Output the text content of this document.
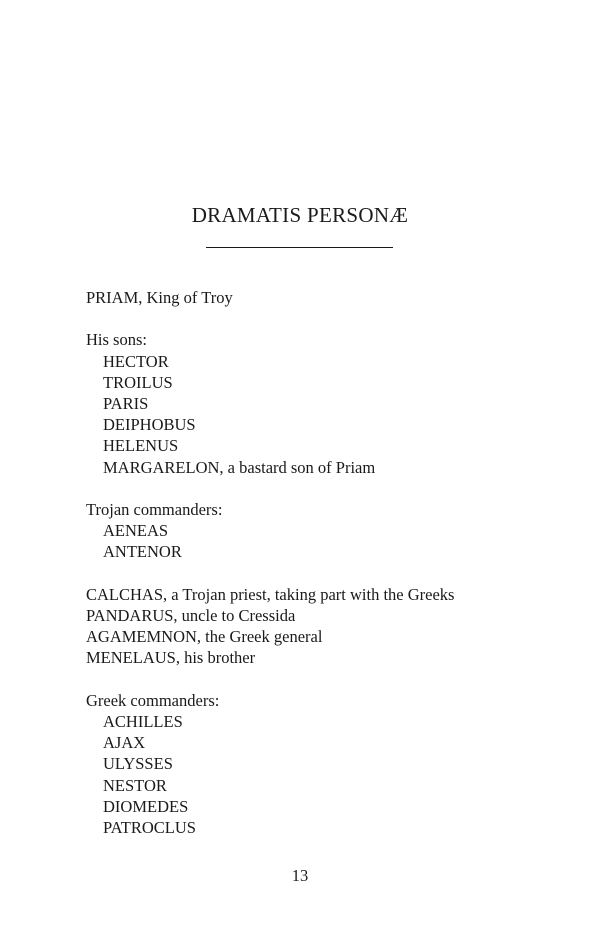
DRAMATIS PERSONÆ
PRIAM, King of Troy
His sons:
HECTOR
TROILUS
PARIS
DEIPHOBUS
HELENUS
MARGARELON, a bastard son of Priam
Trojan commanders:
AENEAS
ANTENOR
CALCHAS, a Trojan priest, taking part with the Greeks
PANDARUS, uncle to Cressida
AGAMEMNON, the Greek general
MENELAUS, his brother
Greek commanders:
ACHILLES
AJAX
ULYSSES
NESTOR
DIOMEDES
PATROCLUS
13
